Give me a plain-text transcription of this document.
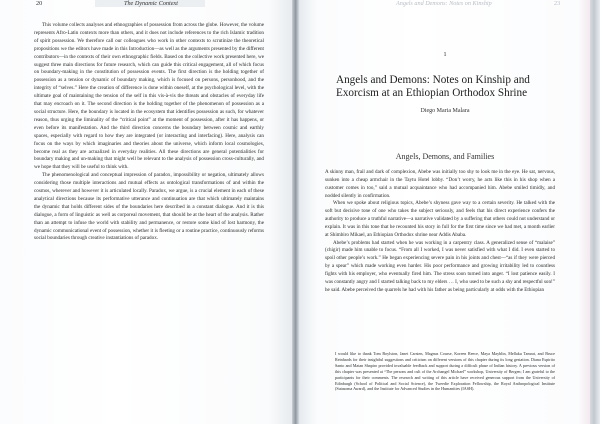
20	The Dynamic Context

This volume collects analyses and ethnographies of possession from across the globe. However, the volume represents Afro-Latin contexts more than others, and it does not include references to the rich Islamic tradition of spirit possession. We therefore call our colleagues who work in other contexts to scrutinize the theoretical propositions we the editors have made in this Introduction—as well as the arguments presented by the different contributors—in the contexts of their own ethnographic fields. Based on the collective work presented here, we suggest three main directions for future research, which can guide this critical engagement, all of which focus on boundary-making in the constitution of possession events. The first direction is the holding together of possession as a tension or dynamic of boundary making, which is focused on persons, personhood, and the integrity of “selves.” Here the creation of difference is done within oneself, at the psychological level, with the ultimate goal of maintaining the tension of the self in this vis-à-vis the threats and obstacles of everyday life that may encroach on it. The second direction is the holding together of the phenomenon of possession as a social structure. Here, the boundary is located in the ecosystem that identifies possession as such, for whatever reason, thus urging the liminality of the “critical point” at the moment of possession, after it has happens, or even before its manifestation. And the third direction concerns the boundary between cosmic and earthly spaces, especially with regard to how they are integrated (or interacting and interfacing). Here, analysis can focus on the ways by which imaginaries and theories about the universe, which inform local cosmologies, become real as they are actualized in everyday realities. All these directions are general potentialities for boundary making and un-making that might well be relevant to the analysis of possession cross-culturally, and we hope that they will be useful to think with.

The phenomenological and conceptual impression of paradox, impossibility or negation, ultimately allows considering those multiple interactions and mutual effects as ontological transformations of and within the cosmos, wherever and however it is articulated locally. Paradox, we argue, is a crucial element in each of these analytical directions because its performative utterance and continuation are that which ultimately maintains the dynamic that holds different sides of the boundaries here described in a constant dialogue. And it is this dialogue, a form of linguistic as well as corporeal movement, that should be at the heart of the analysis. Rather than an attempt to infuse the world with stability and permanence, or restore some kind of lost harmony, the dynamic communicational event of possession, whether it is fleeting or a routine practice, continuously reforms social boundaries through creative instantiations of paradox.

Angels and Demons: Notes on Kinship	23
1
Angels and Demons: Notes on Kinship and Exorcism at an Ethiopian Orthodox Shrine
Diego Maria Malara
Angels, Demons, and Families

A skinny man, frail and dark of complexion, Abebe was initially too shy to look me in the eye. He sat, nervous, sunken into a cheap armchair in the Taytu Hotel lobby. “Don’t worry, he acts like this in his shop when a customer comes in too,” said a mutual acquaintance who had accompanied him. Abebe smiled timidly, and nodded silently in confirmation.

When we spoke about religious topics, Abebe’s shyness gave way to a certain severity. He talked with the soft but decisive tone of one who takes the subject seriously, and feels that his direct experience confers the authority to produce a truthful narrative—a narrative validated by a suffering that others could not understand or explain. It was in this tone that he recounted his story in full for the first time since we had met, a month earlier at Shimbiro Mikael, an Ethiopian Orthodox shrine near Addis Ababa.

Abebe’s problems had started when he was working in a carpentry class. A generalized sense of “malaise” (chigir) made him unable to focus. “From all I worked, I was never satisfied with what I did. I even started to spoil other people’s work.” He began experiencing severe pain in his joints and chest—“as if they were pierced by a spear” which made working even harder. His poor performance and growing irritability led to countless fights with his employer, who eventually fired him. The stress soon turned into anger. “I lost patience easily. I was constantly angry and I started talking back to my elders … I, who used to be such a shy and respectful son!” he said. Abebe perceived the quarrels he had with his father as being particularly at odds with the Ethiopian

I would like to thank Tom Boylston, Janet Carsten, Magnus Course, Koreen Reece, Maya Mayblin, Mellaku Tamrat, and Bruce Reinhards for their insightful suggestions and criticism on different versions of this chapter during its long gestation. Diana Espirito Santo and Matan Shapiro provided invaluable feedback and support during a difficult phase of Indian history. A previous version of this chapter was presented at “The persons and cult of the Archangel Michael” workshop, University of Bergen; I am grateful to the participants for their comments. The research and writing of this article have received generous support from the University of Edinburgh (School of Political and Social Science), the Tweedie Exploration Fellowship, the Royal Anthropological Institute (Sutasoma Award), and the Institute for Advanced Studies in the Humanities (IASH).
